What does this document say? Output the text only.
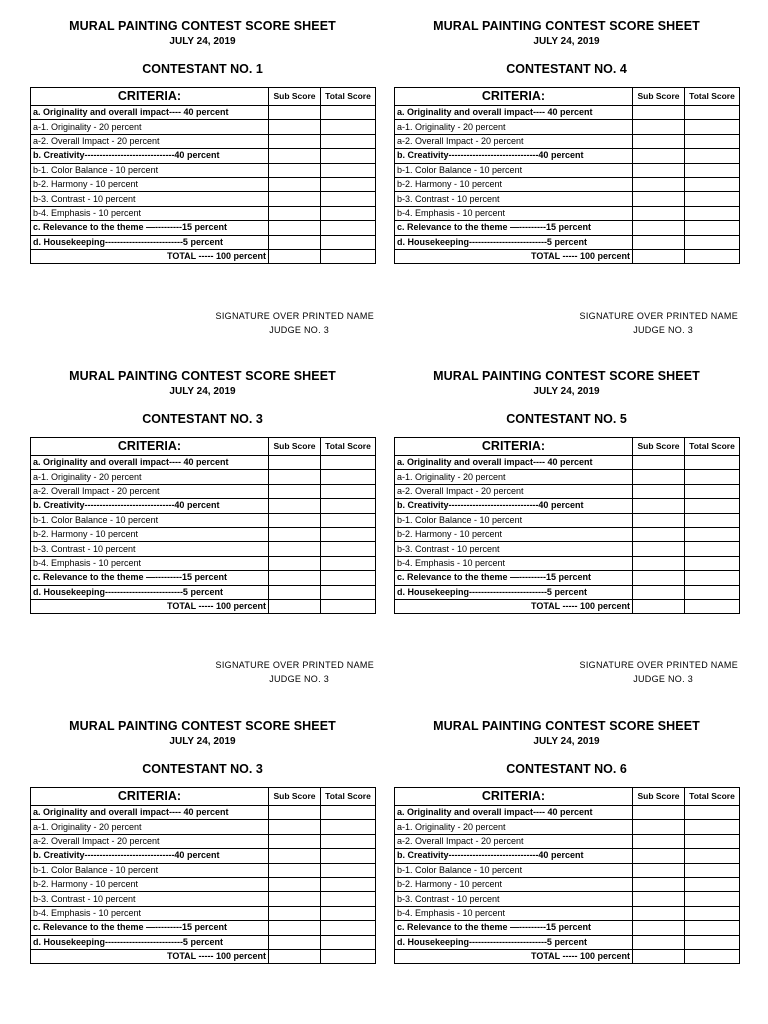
MURAL PAINTING CONTEST SCORE SHEET
JULY 24, 2019
CONTESTANT NO. 1
CRITERIA:	Sub Score	Total Score
a. Originality and overall impact---- 40 percent		
a-1. Originality - 20 percent		
a-2. Overall Impact - 20 percent		
b. Creativity------------------------------40 percent		
b-1. Color Balance - 10 percent		
b-2. Harmony - 10 percent		
b-3. Contrast - 10 percent		
b-4. Emphasis - 10 percent		
c. Relevance to the theme —---------15 percent		
d. Housekeeping--------------------------5 percent		
TOTAL ----- 100 percent		
MURAL PAINTING CONTEST SCORE SHEET
JULY 24, 2019
CONTESTANT NO. 4
CRITERIA:	Sub Score	Total Score
a. Originality and overall impact---- 40 percent		
a-1. Originality - 20 percent		
a-2. Overall Impact - 20 percent		
b. Creativity------------------------------40 percent		
b-1. Color Balance - 10 percent		
b-2. Harmony - 10 percent		
b-3. Contrast - 10 percent		
b-4. Emphasis - 10 percent		
c. Relevance to the theme —---------15 percent		
d. Housekeeping--------------------------5 percent		
TOTAL ----- 100 percent		
SIGNATURE OVER PRINTED NAME
JUDGE NO. 3
SIGNATURE OVER PRINTED NAME
JUDGE NO. 3
MURAL PAINTING CONTEST SCORE SHEET
JULY 24, 2019
CONTESTANT NO. 3
CRITERIA:	Sub Score	Total Score
a. Originality and overall impact---- 40 percent		
a-1. Originality - 20 percent		
a-2. Overall Impact - 20 percent		
b. Creativity------------------------------40 percent		
b-1. Color Balance - 10 percent		
b-2. Harmony - 10 percent		
b-3. Contrast - 10 percent		
b-4. Emphasis - 10 percent		
c. Relevance to the theme —---------15 percent		
d. Housekeeping--------------------------5 percent		
TOTAL ----- 100 percent		
MURAL PAINTING CONTEST SCORE SHEET
JULY 24, 2019
CONTESTANT NO. 5
CRITERIA:	Sub Score	Total Score
a. Originality and overall impact---- 40 percent		
a-1. Originality - 20 percent		
a-2. Overall Impact - 20 percent		
b. Creativity------------------------------40 percent		
b-1. Color Balance - 10 percent		
b-2. Harmony - 10 percent		
b-3. Contrast - 10 percent		
b-4. Emphasis - 10 percent		
c. Relevance to the theme —---------15 percent		
d. Housekeeping--------------------------5 percent		
TOTAL ----- 100 percent		
SIGNATURE OVER PRINTED NAME
JUDGE NO. 3
SIGNATURE OVER PRINTED NAME
JUDGE NO. 3
MURAL PAINTING CONTEST SCORE SHEET
JULY 24, 2019
CONTESTANT NO. 3
CRITERIA:	Sub Score	Total Score
a. Originality and overall impact---- 40 percent		
a-1. Originality - 20 percent		
a-2. Overall Impact - 20 percent		
b. Creativity------------------------------40 percent		
b-1. Color Balance - 10 percent		
b-2. Harmony - 10 percent		
b-3. Contrast - 10 percent		
b-4. Emphasis - 10 percent		
c. Relevance to the theme —---------15 percent		
d. Housekeeping--------------------------5 percent		
TOTAL ----- 100 percent		
MURAL PAINTING CONTEST SCORE SHEET
JULY 24, 2019
CONTESTANT NO. 6
CRITERIA:	Sub Score	Total Score
a. Originality and overall impact---- 40 percent		
a-1. Originality - 20 percent		
a-2. Overall Impact - 20 percent		
b. Creativity------------------------------40 percent		
b-1. Color Balance - 10 percent		
b-2. Harmony - 10 percent		
b-3. Contrast - 10 percent		
b-4. Emphasis - 10 percent		
c. Relevance to the theme —---------15 percent		
d. Housekeeping--------------------------5 percent		
TOTAL ----- 100 percent		
